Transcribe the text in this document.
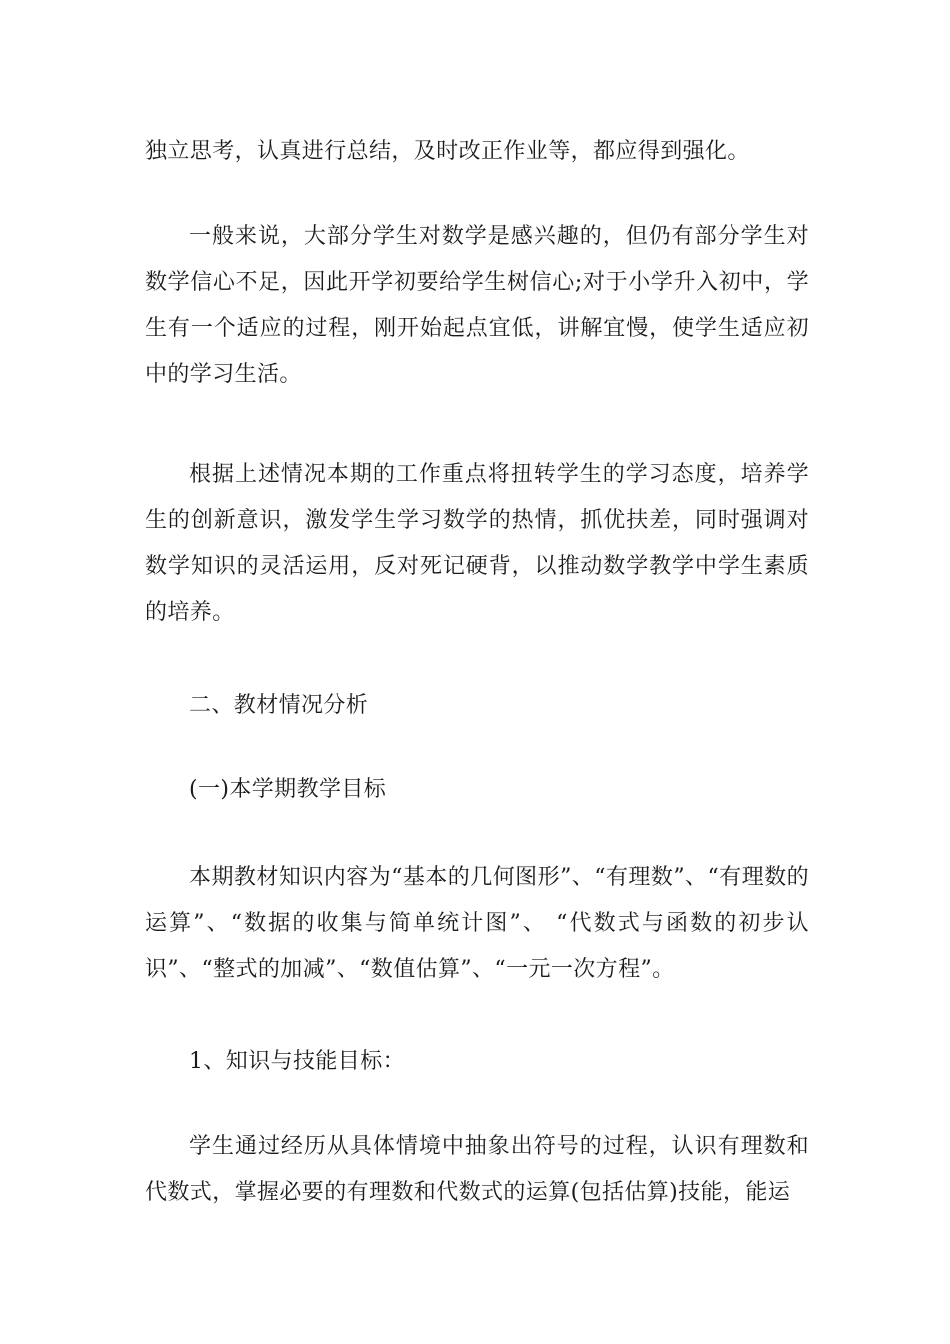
独立思考，认真进行总结，及时改正作业等，都应得到强化。

一般来说，大部分学生对数学是感兴趣的，但仍有部分学生对数学信心不足，因此开学初要给学生树信心;对于小学升入初中，学生有一个适应的过程，刚开始起点宜低，讲解宜慢，使学生适应初中的学习生活。

根据上述情况本期的工作重点将扭转学生的学习态度，培养学生的创新意识，激发学生学习数学的热情，抓优扶差，同时强调对数学知识的灵活运用，反对死记硬背，以推动数学教学中学生素质的培养。

二、教材情况分析

(一)本学期教学目标

本期教材知识内容为“基本的几何图形”、“有理数”、“有理数的运算”、“数据的收集与简单统计图”、 “代数式与函数的初步认识”、“整式的加减”、“数值估算”、“一元一次方程”。

1、知识与技能目标：

学生通过经历从具体情境中抽象出符号的过程，认识有理数和代数式，掌握必要的有理数和代数式的运算(包括估算)技能，能运
